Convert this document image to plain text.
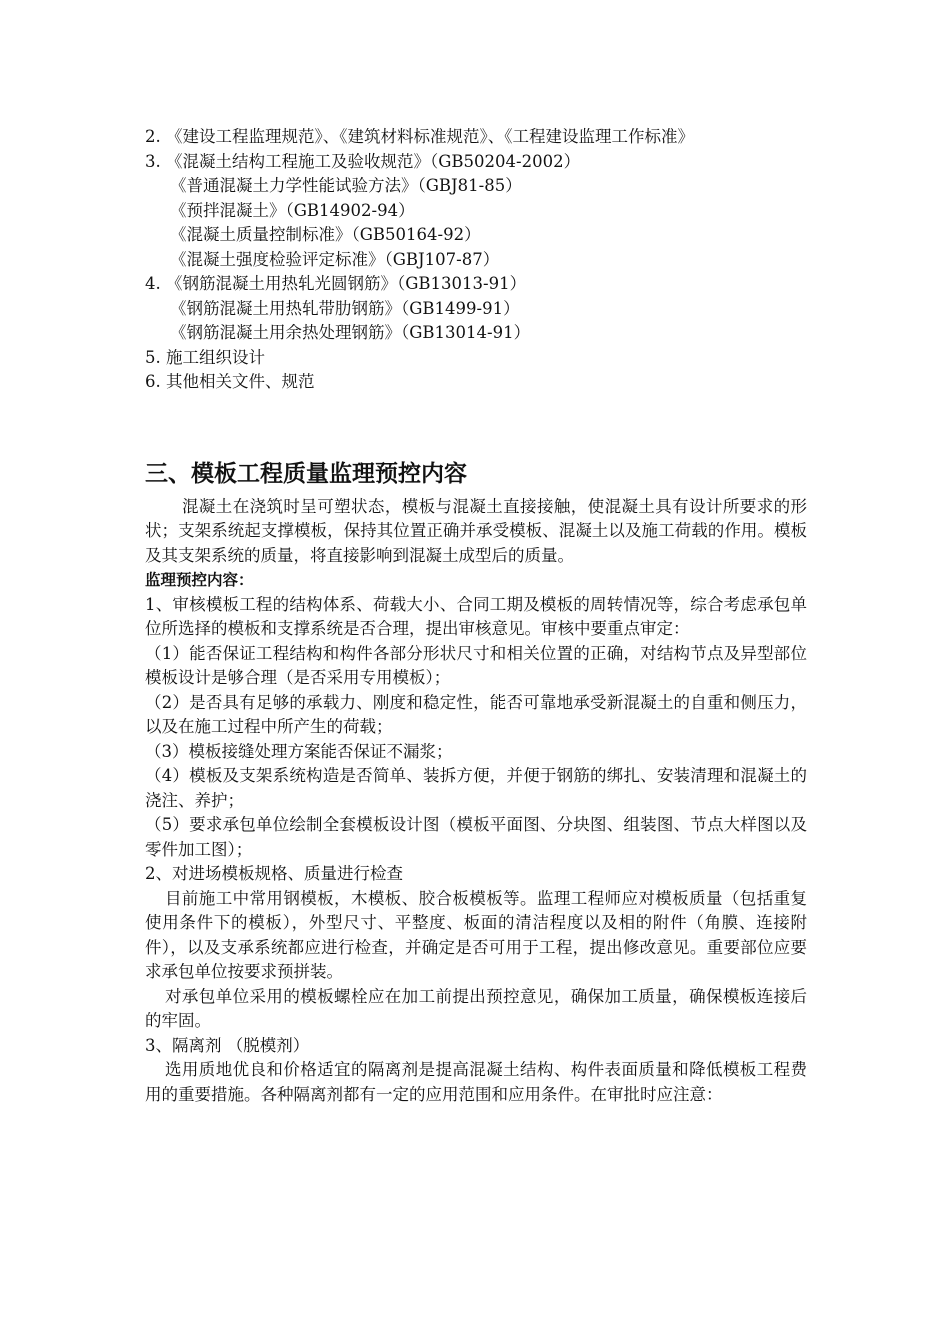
2. 《建设工程监理规范》、《建筑材料标准规范》、《工程建设监理工作标准》

3. 《混凝土结构工程施工及验收规范》（GB50204-2002）

《普通混凝土力学性能试验方法》（GBJ81-85）

《预拌混凝土》（GB14902-94）

《混凝土质量控制标准》（GB50164-92）

《混凝土强度检验评定标准》（GBJ107-87）

4. 《钢筋混凝土用热轧光圆钢筋》（GB13013-91）

《钢筋混凝土用热轧带肋钢筋》（GB1499-91）

《钢筋混凝土用余热处理钢筋》（GB13014-91）

5. 施工组织设计

6. 其他相关文件、规范

三、模板工程质量监理预控内容

混凝土在浇筑时呈可塑状态，模板与混凝土直接接触，使混凝土具有设计所要求的形状；支架系统起支撑模板，保持其位置正确并承受模板、混凝土以及施工荷载的作用。模板及其支架系统的质量，将直接影响到混凝土成型后的质量。

监理预控内容：

1、审核模板工程的结构体系、荷载大小、合同工期及模板的周转情况等，综合考虑承包单位所选择的模板和支撑系统是否合理，提出审核意见。审核中要重点审定：

（1）能否保证工程结构和构件各部分形状尺寸和相关位置的正确，对结构节点及异型部位模板设计是够合理（是否采用专用模板）；

（2）是否具有足够的承载力、刚度和稳定性，能否可靠地承受新混凝土的自重和侧压力，以及在施工过程中所产生的荷载；

（3）模板接缝处理方案能否保证不漏浆；

（4）模板及支架系统构造是否简单、装拆方便，并便于钢筋的绑扎、安装清理和混凝土的浇注、养护；

（5）要求承包单位绘制全套模板设计图（模板平面图、分块图、组装图、节点大样图以及零件加工图）；

2、对进场模板规格、质量进行检查

目前施工中常用钢模板，木模板、胶合板模板等。监理工程师应对模板质量（包括重复使用条件下的模板），外型尺寸、平整度、板面的清洁程度以及相的附件（角膜、连接附件），以及支承系统都应进行检查，并确定是否可用于工程，提出修改意见。重要部位应要求承包单位按要求预拼装。

对承包单位采用的模板螺栓应在加工前提出预控意见，确保加工质量，确保模板连接后的牢固。

3、隔离剂 （脱模剂）

选用质地优良和价格适宜的隔离剂是提高混凝土结构、构件表面质量和降低模板工程费用的重要措施。各种隔离剂都有一定的应用范围和应用条件。在审批时应注意：
